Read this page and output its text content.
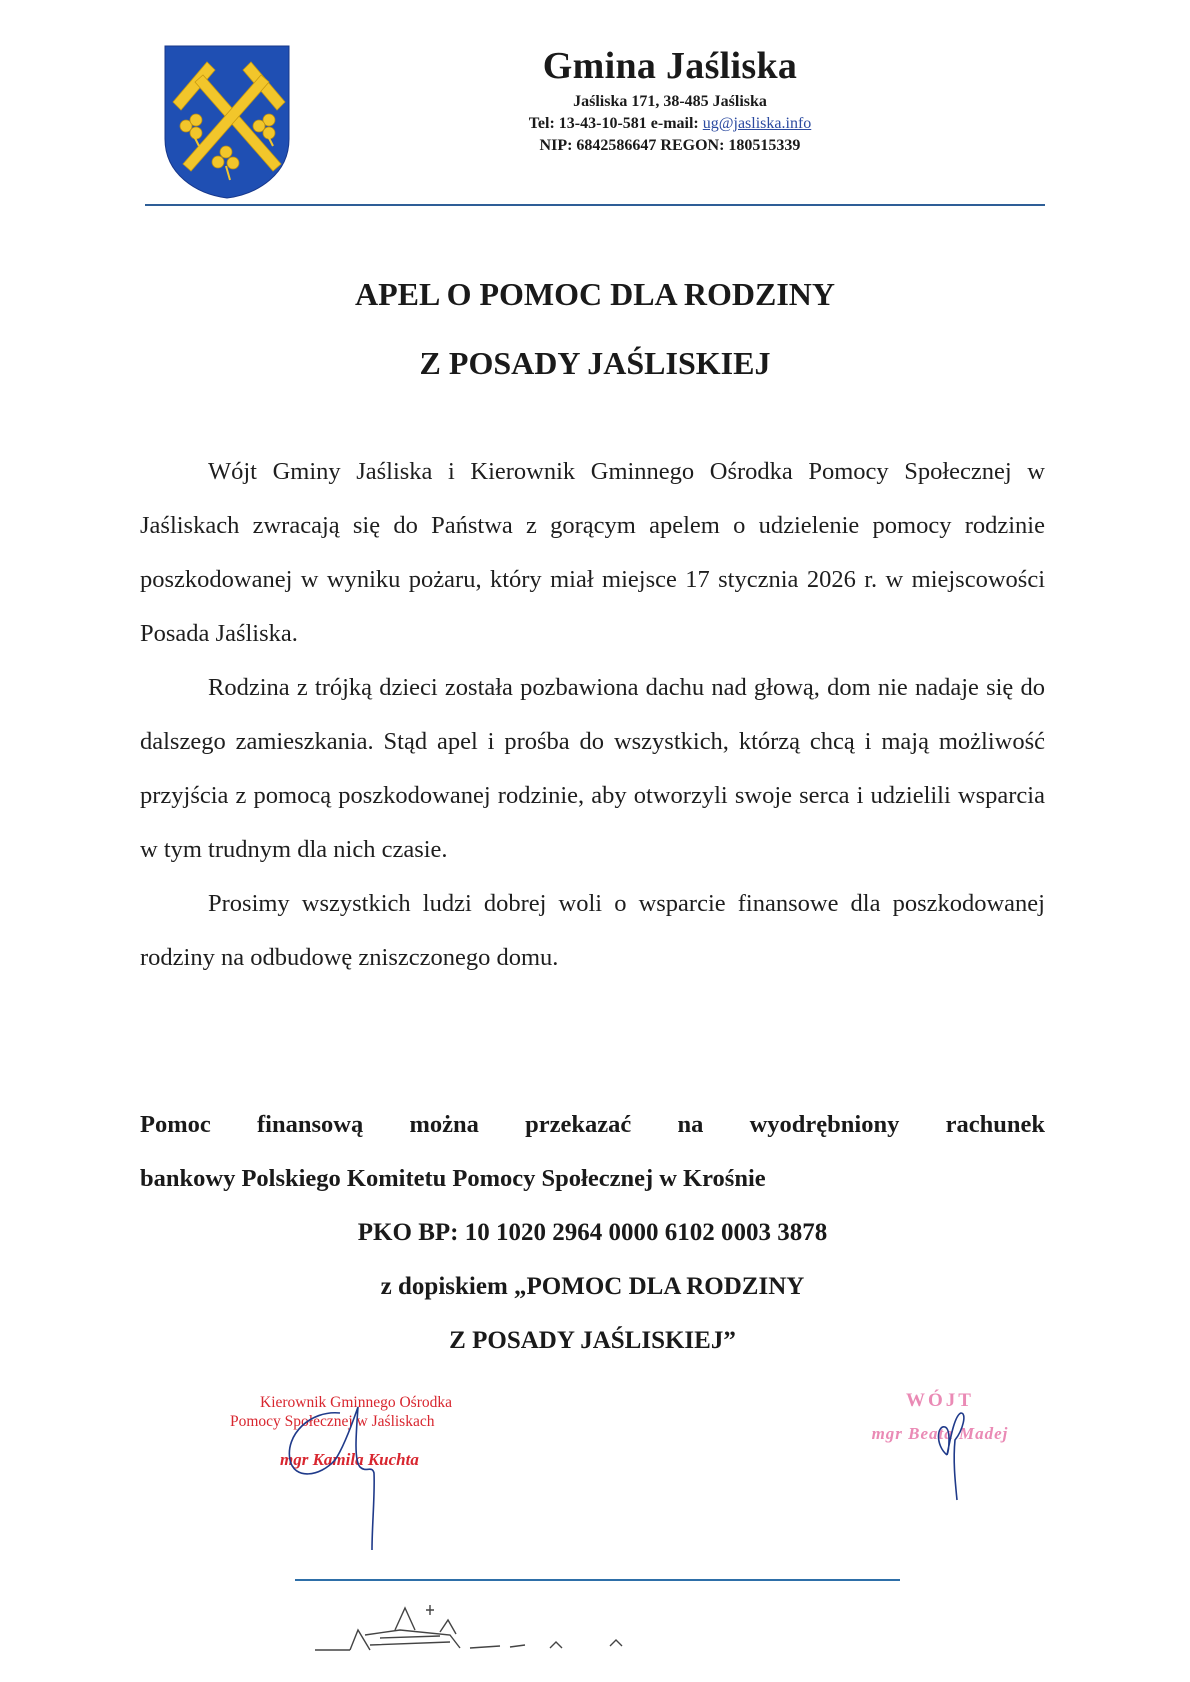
Gmina Jaśliska
Jaśliska 171, 38-485 Jaśliska
Tel: 13-43-10-581 e-mail: ug@jasliska.info
NIP: 6842586647 REGON: 180515339
APEL O POMOC DLA RODZINY
Z POSADY JAŚLISKIEJ

Wójt Gminy Jaśliska i Kierownik Gminnego Ośrodka Pomocy Społecznej w Jaśliskach zwracają się do Państwa z gorącym apelem o udzielenie pomocy rodzinie poszkodowanej w wyniku pożaru, który miał miejsce 17 stycznia 2026 r. w miejscowości Posada Jaśliska.

Rodzina z trójką dzieci została pozbawiona dachu nad głową, dom nie nadaje się do dalszego zamieszkania. Stąd apel i prośba do wszystkich, którzą chcą i mają możliwość przyjścia z pomocą poszkodowanej rodzinie, aby otworzyli swoje serca i udzielili wsparcia w tym trudnym dla nich czasie.

Prosimy wszystkich ludzi dobrej woli o wsparcie finansowe dla poszkodowanej rodziny na odbudowę zniszczonego domu.

Pomoc finansową można przekazać na wyodrębniony rachunek
bankowy Polskiego Komitetu Pomocy Społecznej w Krośnie
PKO BP: 10 1020 2964 0000 6102 0003 3878
z dopiskiem „POMOC DLA RODZINY
Z POSADY JAŚLISKIEJ”
Kierownik Gminnego Ośrodka
Pomocy Społecznej w Jaśliskach
mgr Kamila Kuchta
WÓJT
mgr Beata Madej
